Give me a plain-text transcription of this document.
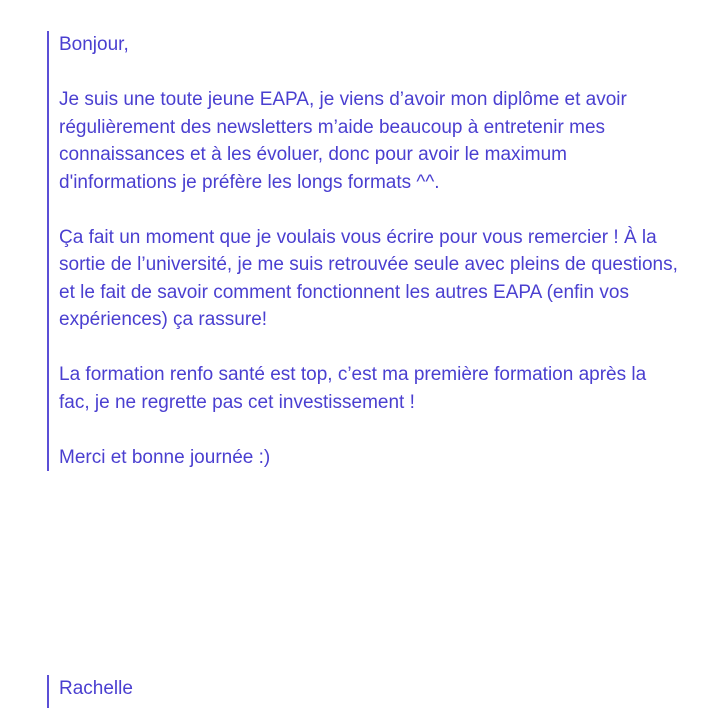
Bonjour,

Je suis une toute jeune EAPA, je viens d’avoir mon diplôme et avoir régulièrement des newsletters m’aide beaucoup à entretenir mes connaissances et à les évoluer, donc pour avoir le maximum d'informations je préfère les longs formats ^^.

Ça fait un moment que je voulais vous écrire pour vous remercier ! À la sortie de l’université, je me suis retrouvée seule avec pleins de questions, et le fait de savoir comment fonctionnent les autres EAPA (enfin vos expériences) ça rassure!

La formation renfo santé est top, c’est ma première formation après la fac, je ne regrette pas cet investissement !

Merci et bonne journée :)

Rachelle
